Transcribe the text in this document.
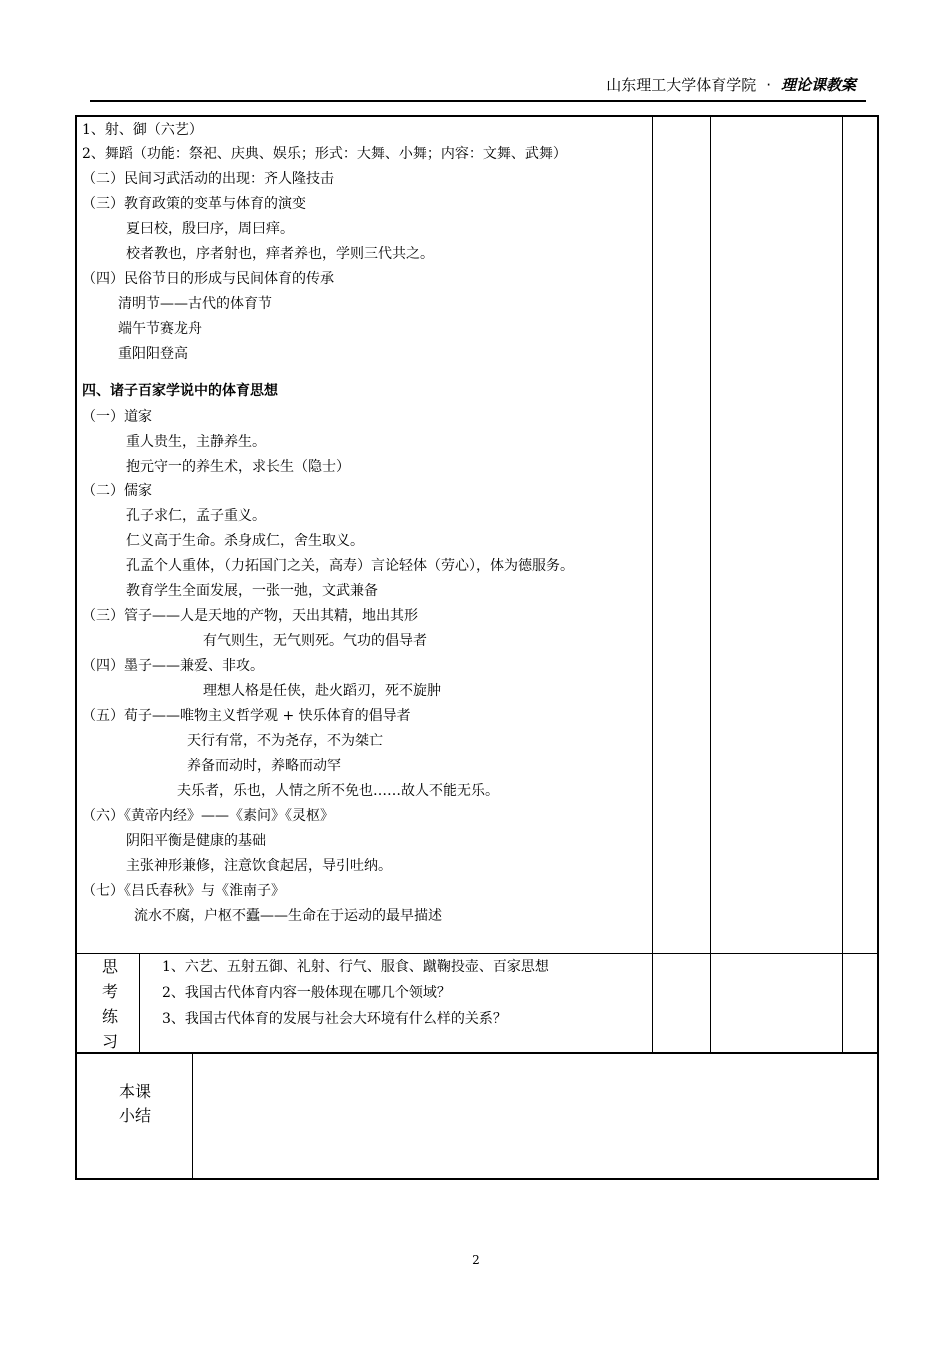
山东理工大学体育学院 · 理论课教案
1、射、御（六艺）
2、舞蹈（功能：祭祀、庆典、娱乐；形式：大舞、小舞；内容：文舞、武舞）
（二）民间习武活动的出现：齐人隆技击
（三）教育政策的变革与体育的演变
夏曰校，殷曰序，周曰痒。
校者教也，序者射也，痒者养也，学则三代共之。
（四）民俗节日的形成与民间体育的传承
清明节——古代的体育节
端午节赛龙舟
重阳阳登高
四、诸子百家学说中的体育思想
（一）道家
重人贵生，主静养生。
抱元守一的养生术，求长生（隐士）
（二）儒家
孔子求仁，孟子重义。
仁义高于生命。杀身成仁，舍生取义。
孔孟个人重体，（力拓国门之关，高寿）言论轻体（劳心），体为德服务。
教育学生全面发展，一张一弛，文武兼备
（三）管子——人是天地的产物，天出其精，地出其形
有气则生，无气则死。气功的倡导者
（四）墨子——兼爱、非攻。
理想人格是任侠，赴火蹈刃，死不旋肿
（五）荀子——唯物主义哲学观 + 快乐体育的倡导者
天行有常，不为尧存，不为桀亡
养备而动时，养略而动罕
夫乐者，乐也，人情之所不免也……故人不能无乐。
（六）《黄帝内经》——《素问》《灵枢》
阴阳平衡是健康的基础
主张神形兼修，注意饮食起居，导引吐纳。
（七）《吕氏春秋》与《淮南子》
流水不腐，户枢不蠹——生命在于运动的最早描述
思
考
练
习
1、六艺、五射五御、礼射、行气、服食、蹴鞠投壶、百家思想
2、我国古代体育内容一般体现在哪几个领域？
3、我国古代体育的发展与社会大环境有什么样的关系？
本课
小结
2
